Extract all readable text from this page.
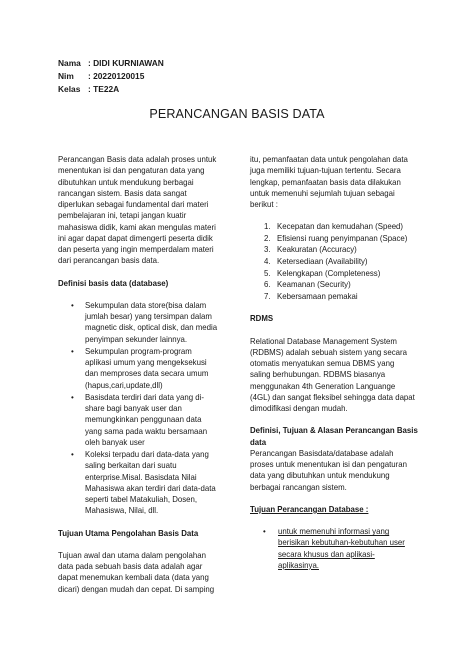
Nama : DIDI KURNIAWAN
Nim	: 20220120015
Kelas : TE22A
PERANCANGAN BASIS DATA

Perancangan Basis data adalah proses untuk
menentukan isi dan pengaturan data yang
dibutuhkan untuk mendukung berbagai
rancangan sistem. Basis data sangat
diperlukan sebagai fundamental dari materi
pembelajaran ini, tetapi jangan kuatir
mahasiswa didik, kami akan mengulas materi
ini agar dapat dapat dimengerti peserta didik
dan peserta yang ingin memperdalam materi
dari perancangan basis data.

Definisi basis data (database)

• Sekumpulan data store(bisa dalam
jumlah besar) yang tersimpan dalam
magnetic disk, optical disk, dan media
penyimpan sekunder lainnya.
• Sekumpulan program-program
aplikasi umum yang mengeksekusi
dan memproses data secara umum
(hapus,cari,update,dll)
• Basisdata terdiri dari data yang di-
share bagi banyak user dan
memungkinkan penggunaan data
yang sama pada waktu bersamaan
oleh banyak user
• Koleksi terpadu dari data-data yang
saling berkaitan dari suatu
enterprise.Misal. Basisdata Nilai
Mahasiswa akan terdiri dari data-data
seperti tabel Matakuliah, Dosen,
Mahasiswa, Nilai, dll.

Tujuan Utama Pengolahan Basis Data

Tujuan awal dan utama dalam pengolahan
data pada sebuah basis data adalah agar
dapat menemukan kembali data (data yang
dicari) dengan mudah dan cepat. Di samping

itu, pemanfaatan data untuk pengolahan data
juga memiliki tujuan-tujuan tertentu. Secara
lengkap, pemanfaatan basis data dilakukan
untuk memenuhi sejumlah tujuan sebagai
berikut :

1. Kecepatan dan kemudahan (Speed)
2. Efisiensi ruang penyimpanan (Space)
3. Keakuratan (Accuracy)
4. Ketersediaan (Availability)
5. Kelengkapan (Completeness)
6. Keamanan (Security)
7. Kebersamaan pemakai

RDMS

Relational Database Management System
(RDBMS) adalah sebuah sistem yang secara
otomatis menyatukan semua DBMS yang
saling berhubungan. RDBMS biasanya
menggunakan 4th Generation Languange
(4GL) dan sangat fleksibel sehingga data dapat
dimodifikasi dengan mudah.

Definisi, Tujuan & Alasan Perancangan Basis
data

Perancangan Basisdata/database adalah
proses untuk menentukan isi dan pengaturan
data yang dibutuhkan untuk mendukung
berbagai rancangan sistem.

Tujuan Perancangan Database :

• untuk memenuhi informasi yang
berisikan kebutuhan-kebutuhan user
secara khusus dan aplikasi-
aplikasinya.
